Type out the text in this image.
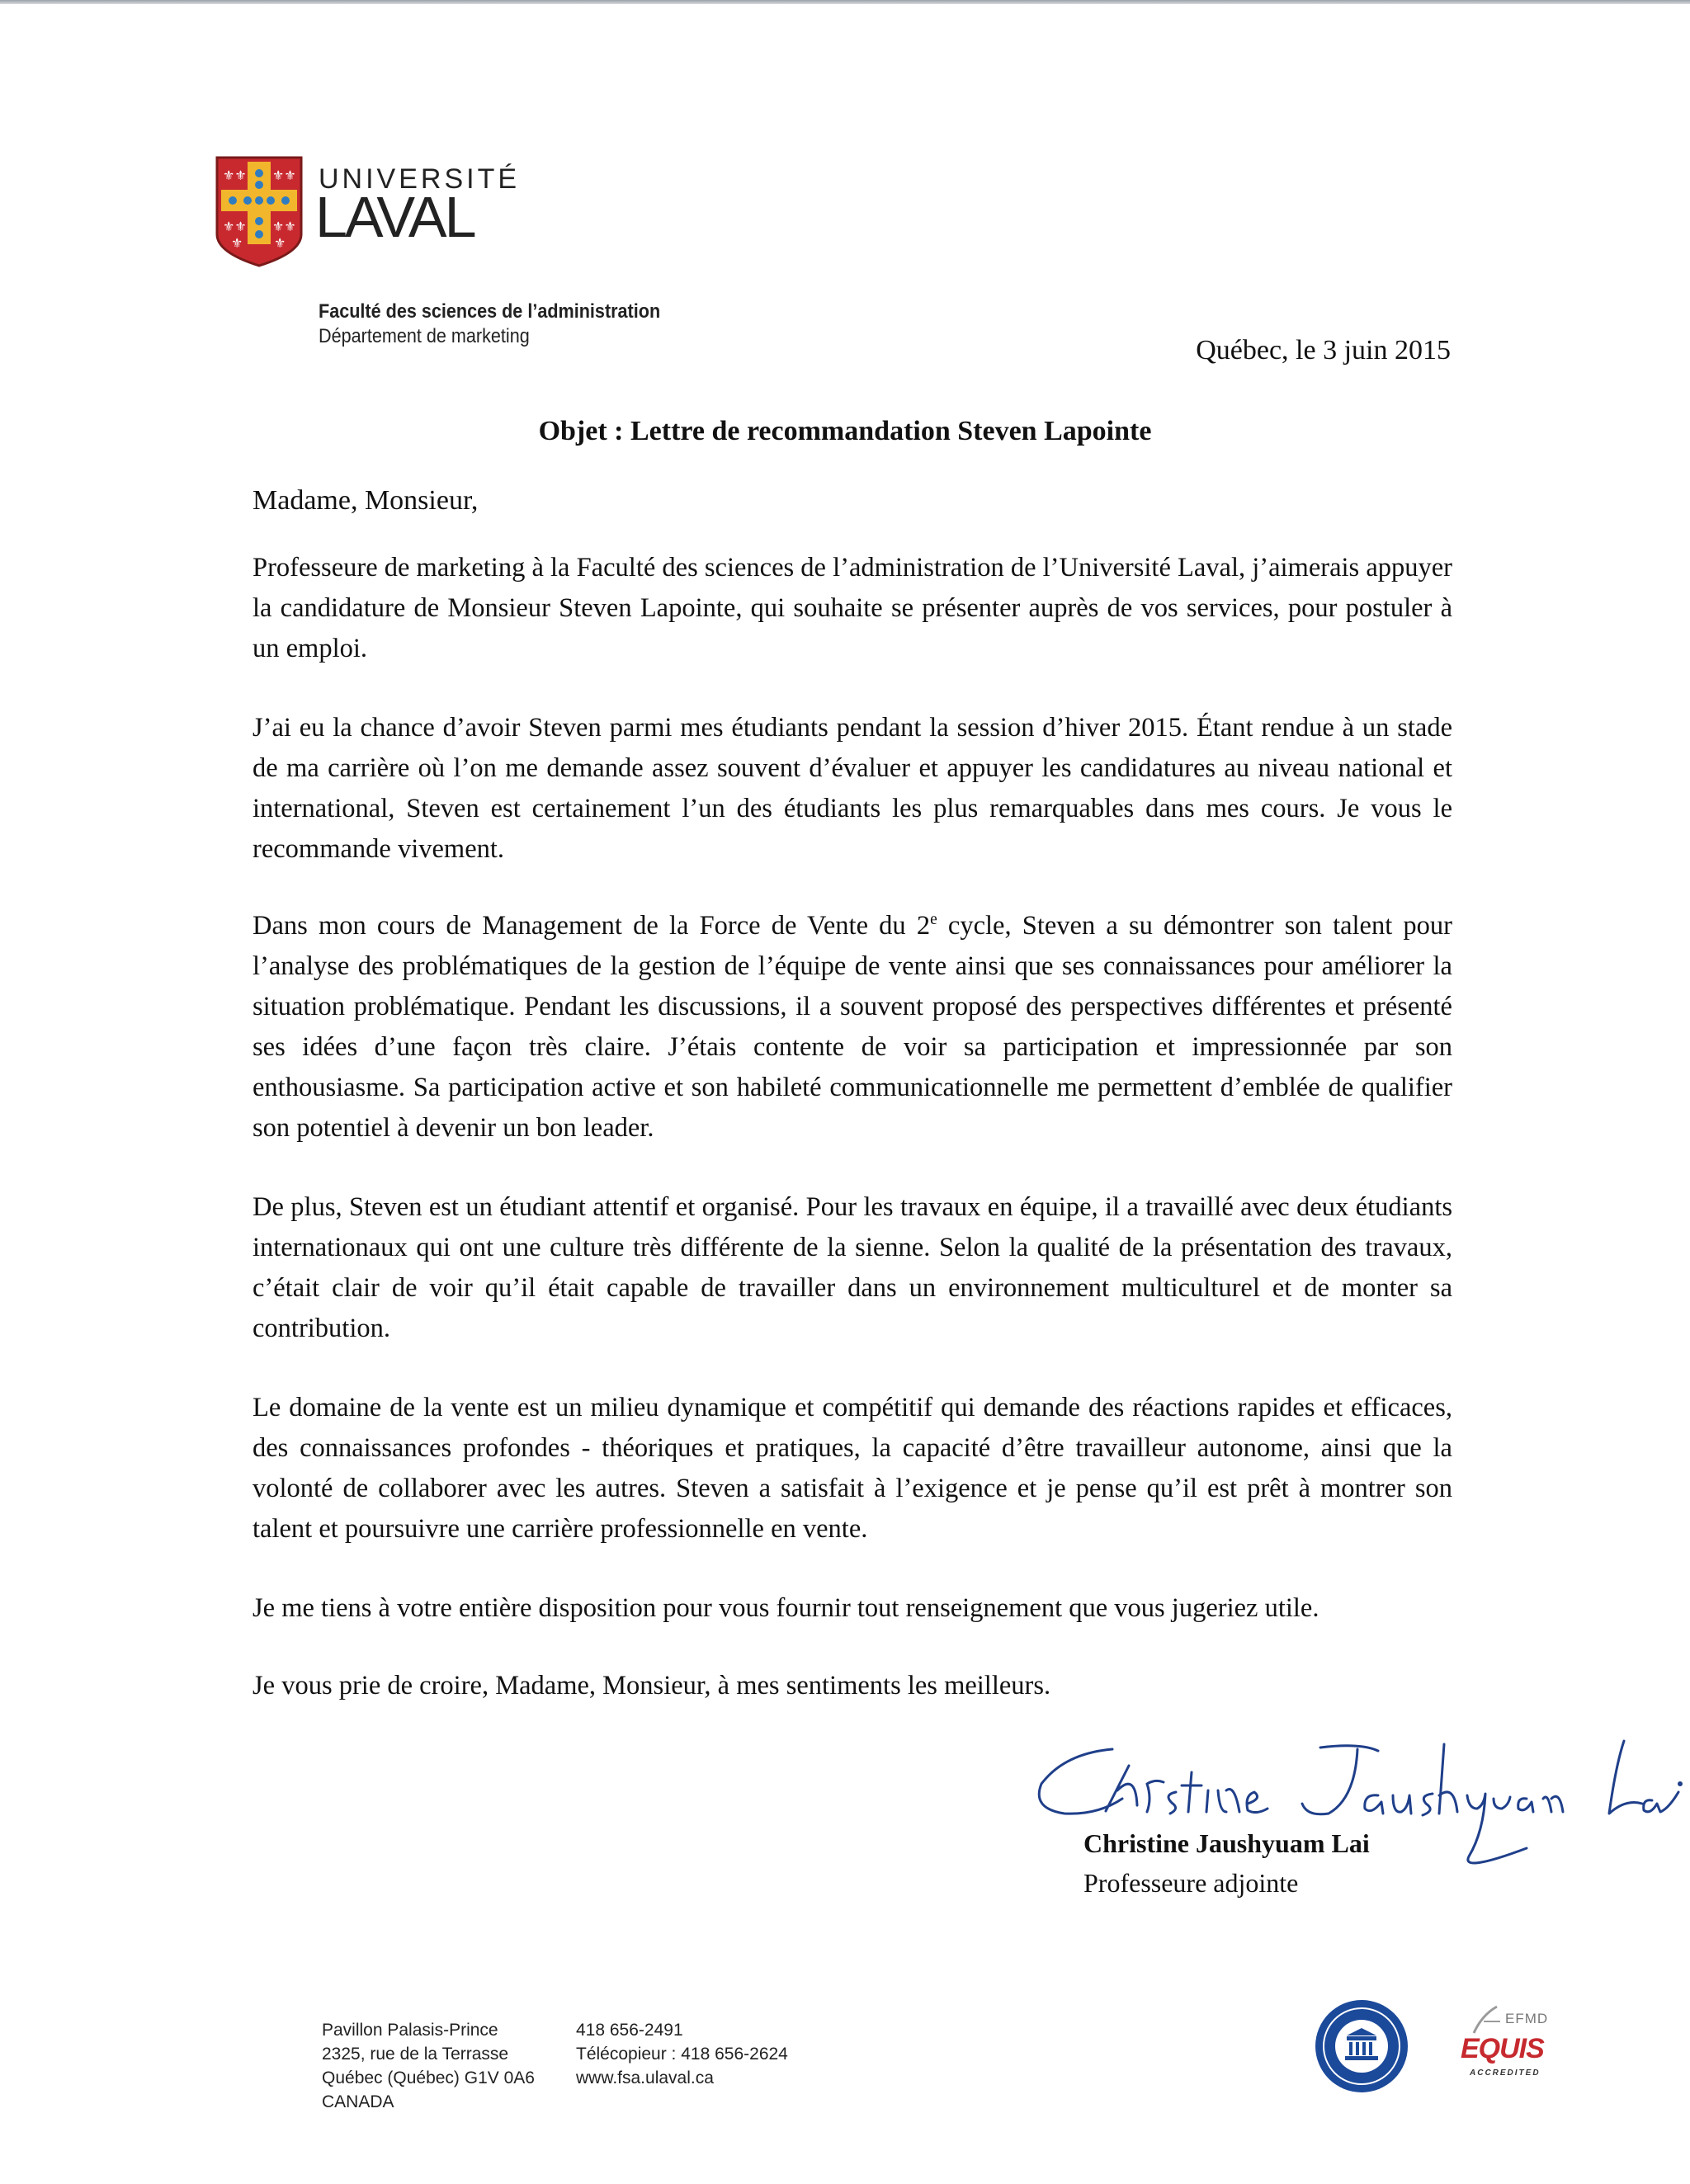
⚜⚜ ⚜⚜
⚜⚜ ⚜⚜
⚜ ⚜
UNIVERSITÉ
LAVAL
Faculté des sciences de l’administration
Département de marketing	Québec, le 3 juin 2015
Objet : Lettre de recommandation Steven Lapointe
Madame, Monsieur,

Professeure de marketing à la Faculté des sciences de l’administration de l’Université Laval, j’aimerais appuyer la candidature de Monsieur Steven Lapointe, qui souhaite se présenter auprès de vos services, pour postuler à un emploi.

J’ai eu la chance d’avoir Steven parmi mes étudiants pendant la session d’hiver 2015. Étant rendue à un stade de ma carrière où l’on me demande assez souvent d’évaluer et appuyer les candidatures au niveau national et international, Steven est certainement l’un des étudiants les plus remarquables dans mes cours. Je vous le recommande vivement.

Dans mon cours de Management de la Force de Vente du 2e cycle, Steven a su démontrer son talent pour l’analyse des problématiques de la gestion de l’équipe de vente ainsi que ses connaissances pour améliorer la situation problématique. Pendant les discussions, il a souvent proposé des perspectives différentes et présenté ses idées d’une façon très claire. J’étais contente de voir sa participation et impressionnée par son enthousiasme. Sa participation active et son habileté communicationnelle me permettent d’emblée de qualifier son potentiel à devenir un bon leader.

De plus, Steven est un étudiant attentif et organisé. Pour les travaux en équipe, il a travaillé avec deux étudiants internationaux qui ont une culture très différente de la sienne. Selon la qualité de la présentation des travaux, c’était clair de voir qu’il était capable de travailler dans un environnement multiculturel et de monter sa contribution.

Le domaine de la vente est un milieu dynamique et compétitif qui demande des réactions rapides et efficaces, des connaissances profondes - théoriques et pratiques, la capacité d’être travailleur autonome, ainsi que la volonté de collaborer avec les autres. Steven a satisfait à l’exigence et je pense qu’il est prêt à montrer son talent et poursuivre une carrière professionnelle en vente.

Je me tiens à votre entière disposition pour vous fournir tout renseignement que vous jugeriez utile.

Je vous prie de croire, Madame, Monsieur, à mes sentiments les meilleurs.

Christine Jaushyuam Lai
Professeure adjointe
Pavillon Palasis-Prince
2325, rue de la Terrasse
Québec (Québec) G1V 0A6
CANADA
418 656-2491
Télécopieur : 418 656-2624
www.fsa.ulaval.ca
EFMD
EQUIS
ACCREDITED
